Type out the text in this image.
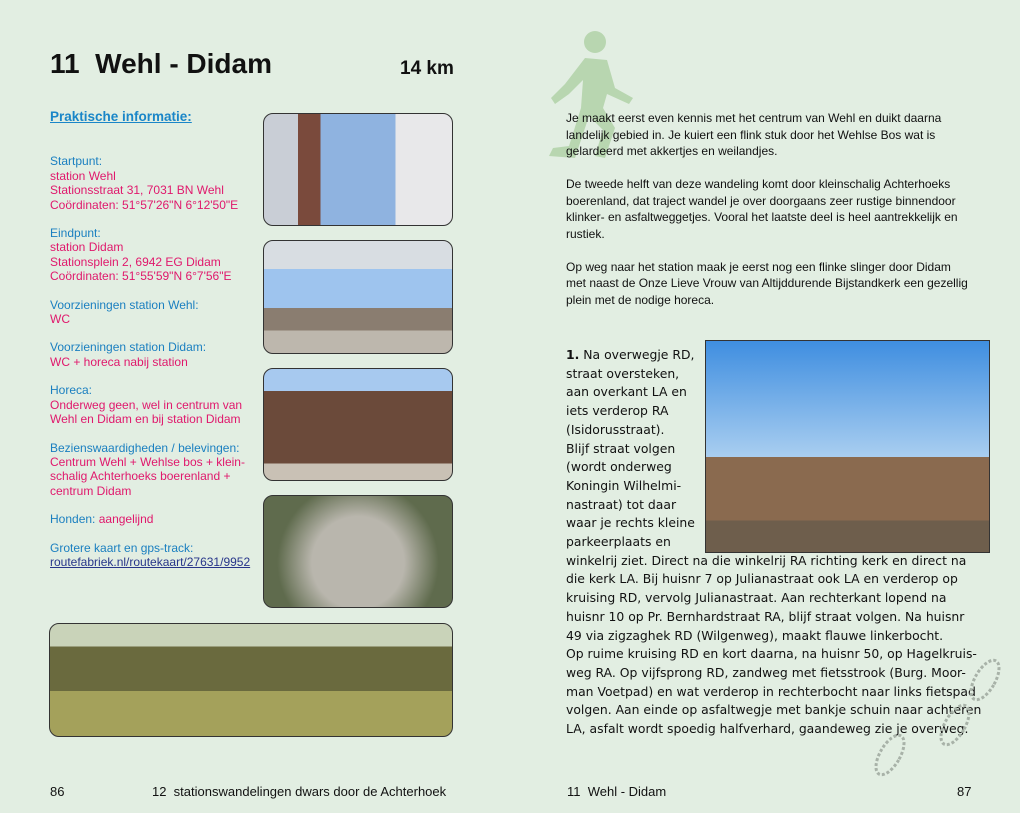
11  Wehl - Didam	14 km
Praktische informatie:
Startpunt:
station Wehl
Stationsstraat 31, 7031 BN Wehl
Coördinaten: 51°57'26"N 6°12'50"E
Eindpunt:
station Didam
Stationsplein 2, 6942 EG Didam
Coördinaten: 51°55'59"N 6°7'56"E
Voorzieningen station Wehl:
WC
Voorzieningen station Didam:
WC + horeca nabij station
Horeca:
Onderweg geen, wel in centrum van
Wehl en Didam en bij station Didam
Bezienswaardigheden / belevingen:
Centrum Wehl + Wehlse bos + klein-
schalig Achterhoeks boerenland +
centrum Didam
Honden: aangelijnd
Grotere kaart en gps-track:
routefabriek.nl/routekaart/27631/9952
86	12  stationswandelingen dwars door de Achterhoek

Je maakt eerst even kennis met het centrum van Wehl en duikt daarna
landelijk gebied in. Je kuiert een flink stuk door het Wehlse Bos wat is
gelardeerd met akkertjes en weilandjes.

De tweede helft van deze wandeling komt door kleinschalig Achterhoeks
boerenland, dat traject wandel je over doorgaans zeer rustige binnendoor
klinker- en asfaltweggetjes. Vooral het laatste deel is heel aantrekkelijk en
rustiek.

Op weg naar het station maak je eerst nog een flinke slinger door Didam
met naast de Onze Lieve Vrouw van Altijddurende Bijstandkerk een gezellig
plein met de nodige horeca.

1. Na overwegje RD,
straat oversteken,
aan overkant LA en
iets verderop RA
(Isidorusstraat).
Blijf straat volgen
(wordt onderweg
Koningin Wilhelmi-
nastraat) tot daar
waar je rechts kleine
parkeerplaats en
winkelrij ziet. Direct na die winkelrij RA richting kerk en direct na
die kerk LA. Bij huisnr 7 op Julianastraat ook LA en verderop op
kruising RD, vervolg Julianastraat. Aan rechterkant lopend na
huisnr 10 op Pr. Bernhardstraat RA, blijf straat volgen. Na huisnr
49 via zigzaghek RD (Wilgenweg), maakt flauwe linkerbocht.
Op ruime kruising RD en kort daarna, na huisnr 50, op Hagelkruis-
weg RA. Op vijfsprong RD, zandweg met fietsstrook (Burg. Moor-
man Voetpad) en wat verderop in rechterbocht naar links fietspad
volgen. Aan einde op asfaltwegje met bankje schuin naar achteren
LA, asfalt wordt spoedig halfverhard, gaandeweg zie je overweg.
11  Wehl - Didam	87
